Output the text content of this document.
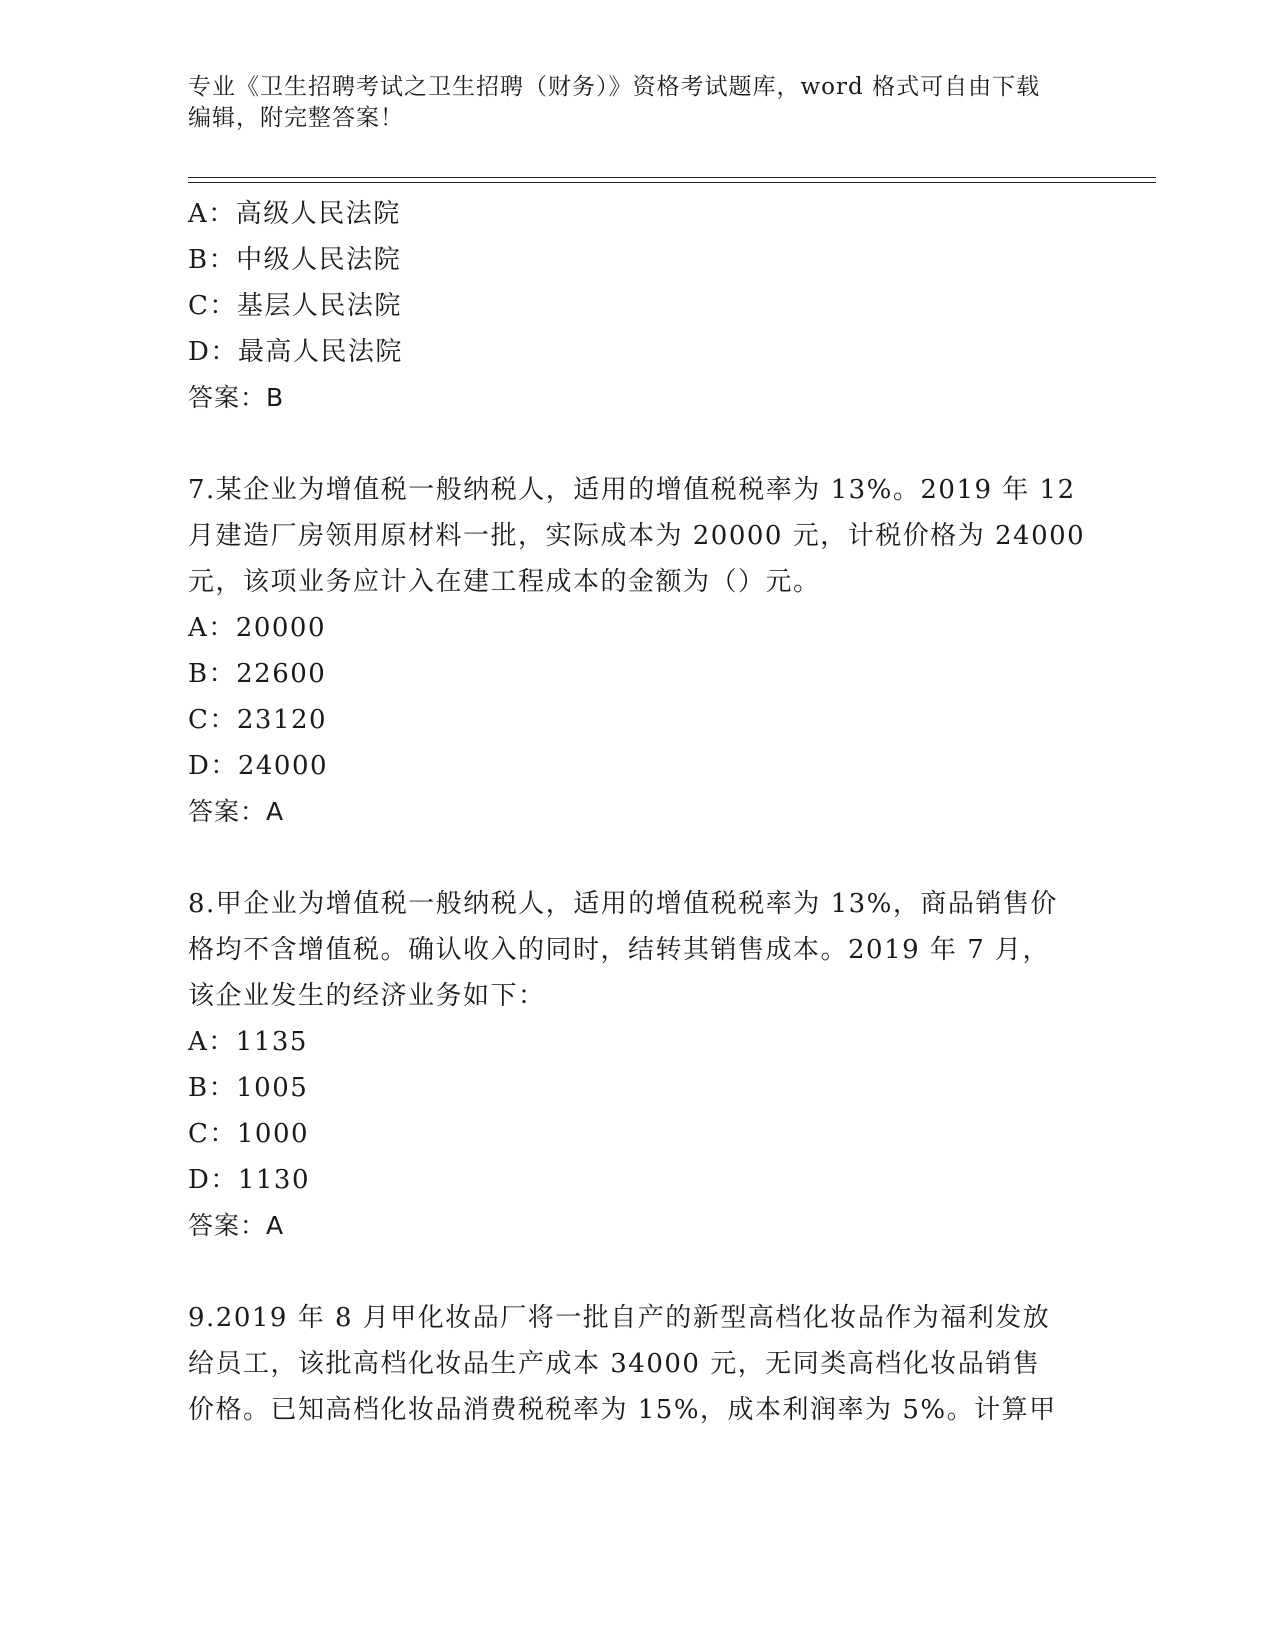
专业《卫生招聘考试之卫生招聘（财务）》资格考试题库，word 格式可自由下载
编辑，附完整答案！
A：高级人民法院
B：中级人民法院
C：基层人民法院
D：最高人民法院
答案：B
7.某企业为增值税一般纳税人，适用的增值税税率为 13%。2019 年 12
月建造厂房领用原材料一批，实际成本为 20000 元，计税价格为 24000
元，该项业务应计入在建工程成本的金额为（）元。
A：20000
B：22600
C：23120
D：24000
答案：A
8.甲企业为增值税一般纳税人，适用的增值税税率为 13%，商品销售价
格均不含增值税。确认收入的同时，结转其销售成本。2019 年 7 月，
该企业发生的经济业务如下：
A：1135
B：1005
C：1000
D：1130
答案：A
9.2019 年 8 月甲化妆品厂将一批自产的新型高档化妆品作为福利发放
给员工，该批高档化妆品生产成本 34000 元，无同类高档化妆品销售
价格。已知高档化妆品消费税税率为 15%，成本利润率为 5%。计算甲
